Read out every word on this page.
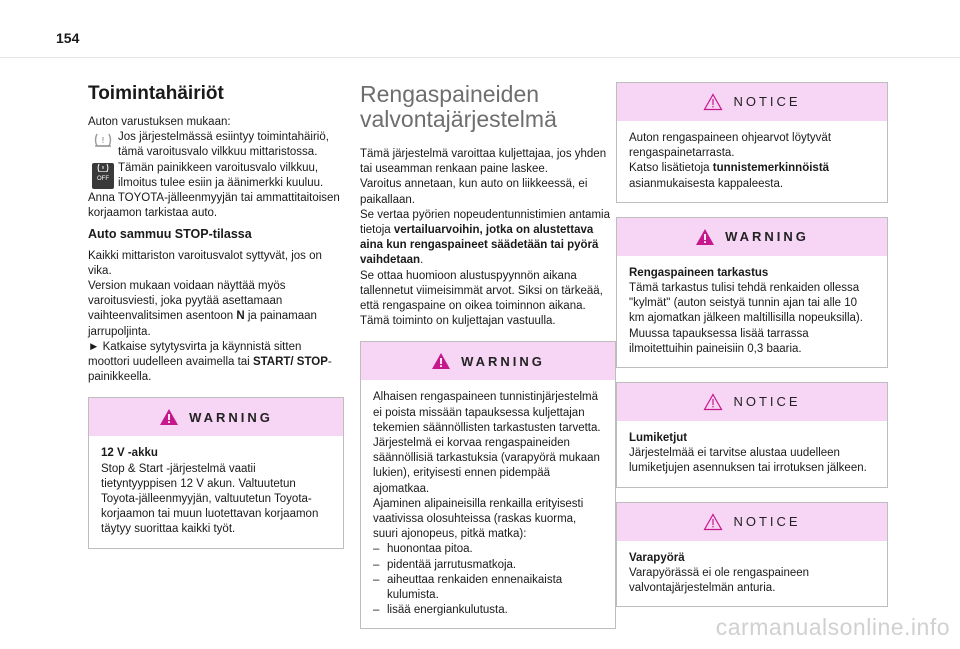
154
Toimintahäiriöt

Auton varustuksen mukaan:

! Jos järjestelmässä esiintyy toimintahäiriö, tämä varoitusvalo vilkkuu mittaristossa.

OFF

Tämän painikkeen varoitusvalo vilkkuu, ilmoitus tulee esiin ja äänimerkki kuuluu.

Anna TOYOTA-jälleenmyyjän tai ammattitaitoisen korjaamon tarkistaa auto.

Auto sammuu STOP-tilassa

Kaikki mittariston varoitusvalot syttyvät, jos on vika.

Version mukaan voidaan näyttää myös varoitusviesti, joka pyytää asettamaan vaihteenvalitsimen asentoon N ja painamaan jarrupoljinta.

► Katkaise sytytysvirta ja käynnistä sitten moottori uudelleen avaimella tai START/ STOP-painikkeella.

WARNING

12 V -akku

Stop & Start -järjestelmä vaatii tietyntyyppisen 12 V akun. Valtuutetun Toyota-jälleenmyyjän, valtuutetun Toyota-korjaamon tai muun luotettavan korjaamon täytyy suorittaa kaikki työt.

Rengaspaineiden
valvontajärjestelmä

Tämä järjestelmä varoittaa kuljettajaa, jos yhden tai useamman renkaan paine laskee.

Varoitus annetaan, kun auto on liikkeessä, ei paikallaan.

Se vertaa pyörien nopeudentunnistimien antamia tietoja vertailuarvoihin, jotka on alustettava aina kun rengaspaineet säädetään tai pyörä vaihdetaan.

Se ottaa huomioon alustuspyynnön aikana tallennetut viimeisimmät arvot. Siksi on tärkeää, että rengaspaine on oikea toiminnon aikana.

Tämä toiminto on kuljettajan vastuulla.

WARNING

Alhaisen rengaspaineen tunnistinjärjestelmä ei poista missään tapauksessa kuljettajan tekemien säännöllisten tarkastusten tarvetta.

Järjestelmä ei korvaa rengaspaineiden säännöllisiä tarkastuksia (varapyörä mukaan lukien), erityisesti ennen pidempää ajomatkaa.

Ajaminen alipaineisilla renkailla erityisesti vaativissa olosuhteissa (raskas kuorma, suuri ajonopeus, pitkä matka):

– huonontaa pitoa.
– pidentää jarrutusmatkoja.
– aiheuttaa renkaiden ennenaikaista kulumista.
– lisää energiankulutusta.
NOTICE

Auton rengaspaineen ohjearvot löytyvät rengaspainetarrasta.

Katso lisätietoja tunnistemerkinnöistä asianmukaisesta kappaleesta.

WARNING

Rengaspaineen tarkastus

Tämä tarkastus tulisi tehdä renkaiden ollessa "kylmät" (auton seistyä tunnin ajan tai alle 10 km ajomatkan jälkeen maltillisilla nopeuksilla).

Muussa tapauksessa lisää tarrassa ilmoitettuihin paineisiin 0,3 baaria.

NOTICE

Lumiketjut

Järjestelmää ei tarvitse alustaa uudelleen lumiketjujen asennuksen tai irrotuksen jälkeen.

NOTICE

Varapyörä

Varapyörässä ei ole rengaspaineen valvontajärjestelmän anturia.

carmanualsonline.info
